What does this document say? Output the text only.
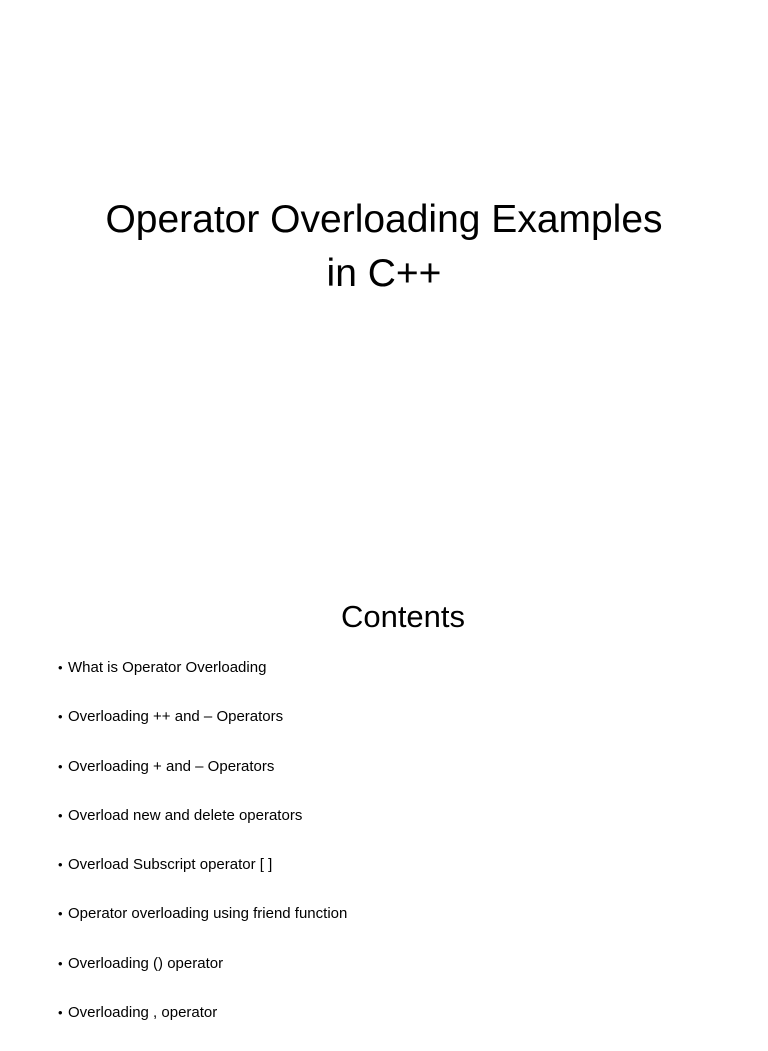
Operator Overloading Examples
in C++
Contents
• What is Operator Overloading
• Overloading ++ and – Operators
• Overloading + and – Operators
• Overload new and delete operators
• Overload Subscript operator [ ]
• Operator overloading using friend function
• Overloading () operator
• Overloading , operator
